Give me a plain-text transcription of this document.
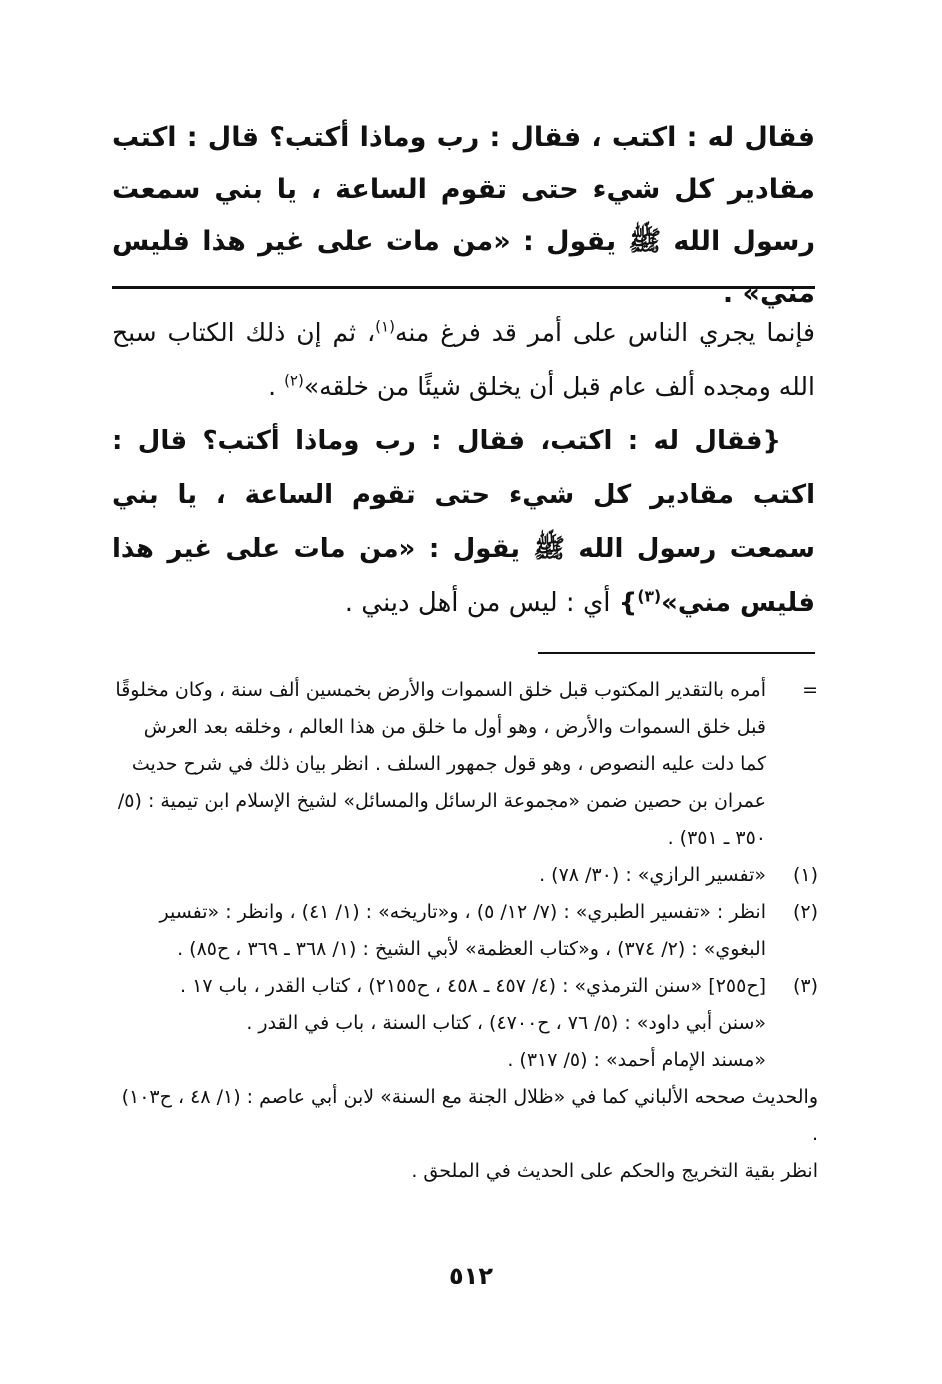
فقال له : اكتب ، فقال : رب وماذا أكتب؟ قال : اكتب مقادير كل شيء حتى تقوم الساعة ، يا بني سمعت رسول الله ﷺ يقول : «من مات على غير هذا فليس مني» .

فإنما يجري الناس على أمر قد فرغ منه$^{(١)}$، ثم إن ذلك الكتاب سبح الله ومجده ألف عام قبل أن يخلق شيئًا من خلقه»$^{(٢)}$ .

{فقال له : اكتب، فقال : رب وماذا أكتب؟ قال : اكتب مقادير كل شيء حتى تقوم الساعة ، يا بني سمعت رسول الله ﷺ يقول : «من مات على غير هذا فليس مني»$^{(٣)}$} أي : ليس من أهل ديني .

=
أمره بالتقدير المكتوب قبل خلق السموات والأرض بخمسين ألف سنة ، وكان مخلوقًا قبل خلق السموات والأرض ، وهو أول ما خلق من هذا العالم ، وخلقه بعد العرش كما دلت عليه النصوص ، وهو قول جمهور السلف . انظر بيان ذلك في شرح حديث عمران بن حصين ضمن «مجموعة الرسائل والمسائل» لشيخ الإسلام ابن تيمية : (٥/ ٣٥٠ ـ ٣٥١) .
(١)
«تفسير الرازي» : (٣٠/ ٧٨) .
(٢)
انظر : «تفسير الطبري» : (٧/ ١٢/ ٥) ، و«تاريخه» : (١/ ٤١) ، وانظر : «تفسير البغوي» : (٢/ ٣٧٤) ، و«كتاب العظمة» لأبي الشيخ : (١/ ٣٦٨ ـ ٣٦٩ ، ح٨٥) .
(٣)
[ح٢٥٥] «سنن الترمذي» : (٤/ ٤٥٧ ـ ٤٥٨ ، ح٢١٥٥) ، كتاب القدر ، باب ١٧ .
«سنن أبي داود» : (٥/ ٧٦ ، ح٤٧٠٠) ، كتاب السنة ، باب في القدر .
«مسند الإمام أحمد» : (٥/ ٣١٧) .
والحديث صححه الألباني كما في «ظلال الجنة مع السنة» لابن أبي عاصم : (١/ ٤٨ ، ح١٠٣) .
انظر بقية التخريج والحكم على الحديث في الملحق .
٥١٢
